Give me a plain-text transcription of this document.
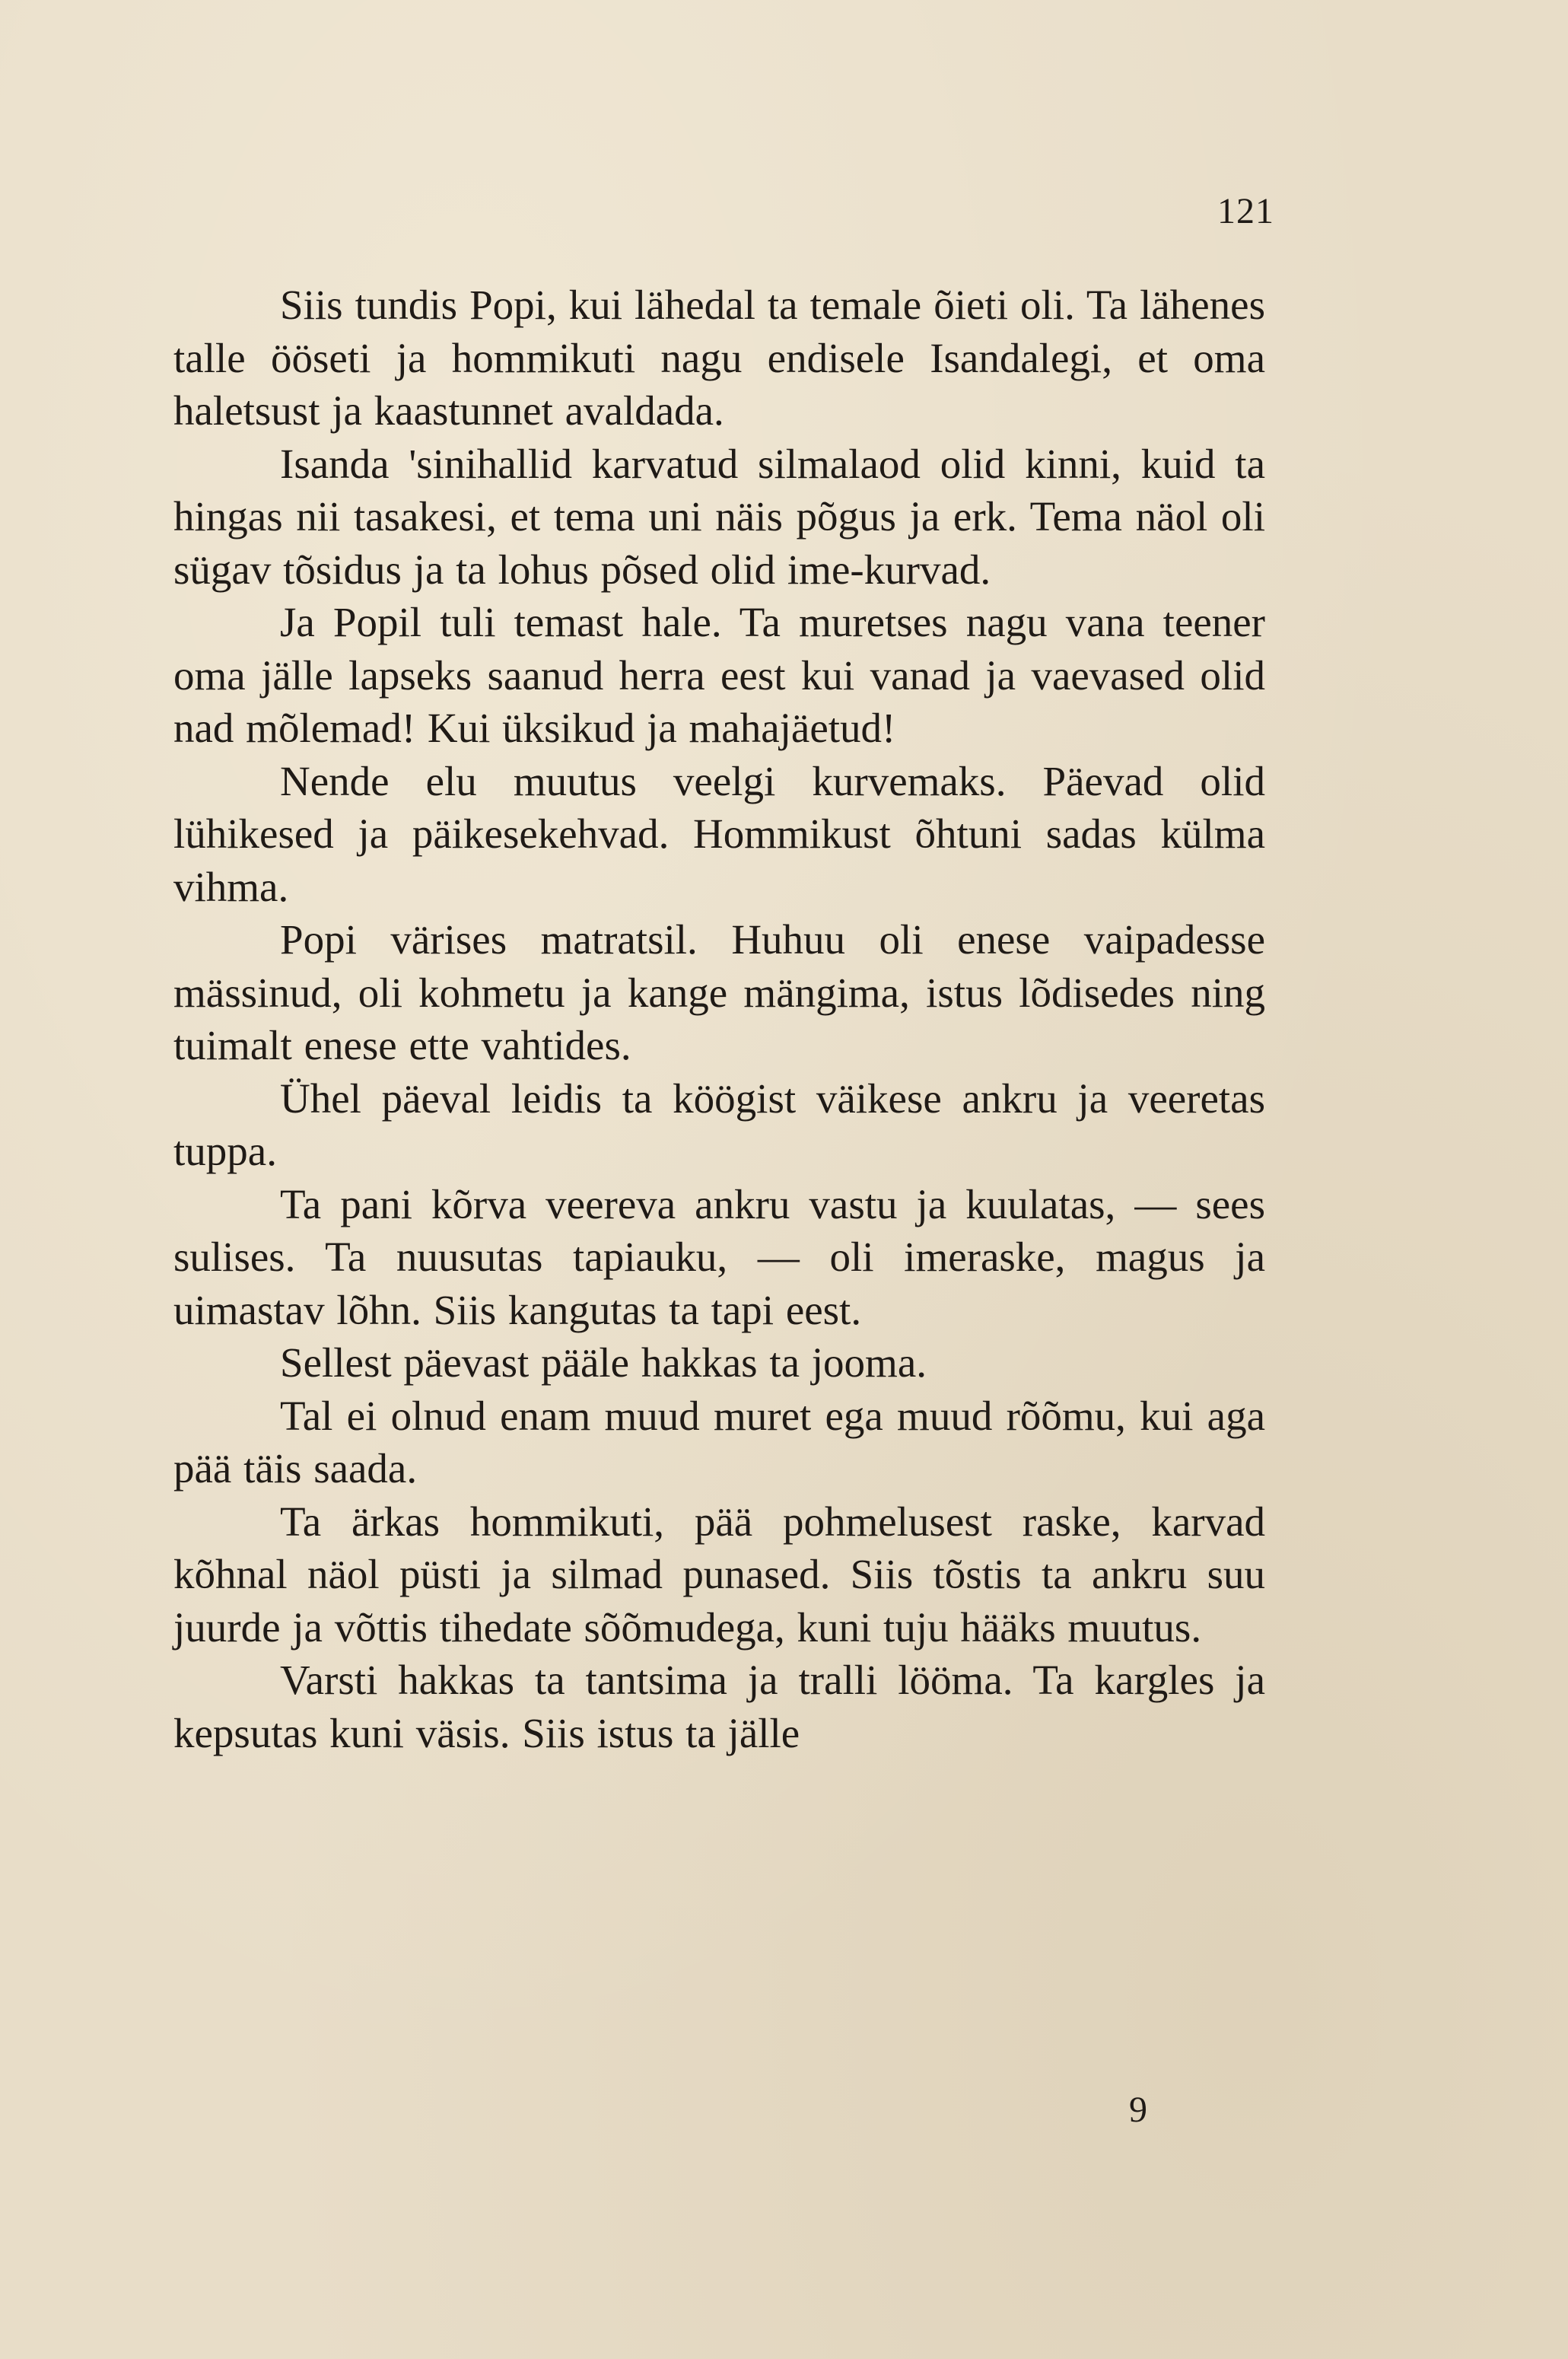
121

Siis tundis Popi, kui lähedal ta temale õieti oli. Ta lähenes talle ööseti ja hommikuti nagu endisele Isandalegi, et oma haletsust ja kaastunnet avaldada.

Isanda 'sinihallid karvatud silmalaod olid kinni, kuid ta hingas nii tasakesi, et tema uni näis põgus ja erk. Tema näol oli sügav tõsidus ja ta lohus põsed olid ime-kurvad.

Ja Popil tuli temast hale. Ta muretses nagu vana teener oma jälle lapseks saanud herra eest kui vanad ja vaevased olid nad mõlemad! Kui üksikud ja mahajäetud!

Nende elu muutus veelgi kurvemaks. Päevad olid lühikesed ja päikesekehvad. Hommikust õhtuni sadas külma vihma.

Popi värises matratsil. Huhuu oli enese vaipadesse mässinud, oli kohmetu ja kange mängima, istus lõdisedes ning tuimalt enese ette vahtides.

Ühel päeval leidis ta köögist väikese ankru ja veeretas tuppa.

Ta pani kõrva veereva ankru vastu ja kuulatas, — sees sulises. Ta nuusutas tapiauku, — oli imeraske, magus ja uimastav lõhn. Siis kangutas ta tapi eest.

Sellest päevast pääle hakkas ta jooma.

Tal ei olnud enam muud muret ega muud rõõmu, kui aga pää täis saada.

Ta ärkas hommikuti, pää pohmelusest raske, karvad kõhnal näol püsti ja silmad punased. Siis tõstis ta ankru suu juurde ja võttis tihedate sõõmudega, kuni tuju hääks muutus.

Varsti hakkas ta tantsima ja tralli lööma. Ta kargles ja kepsutas kuni väsis. Siis istus ta jälle

9
